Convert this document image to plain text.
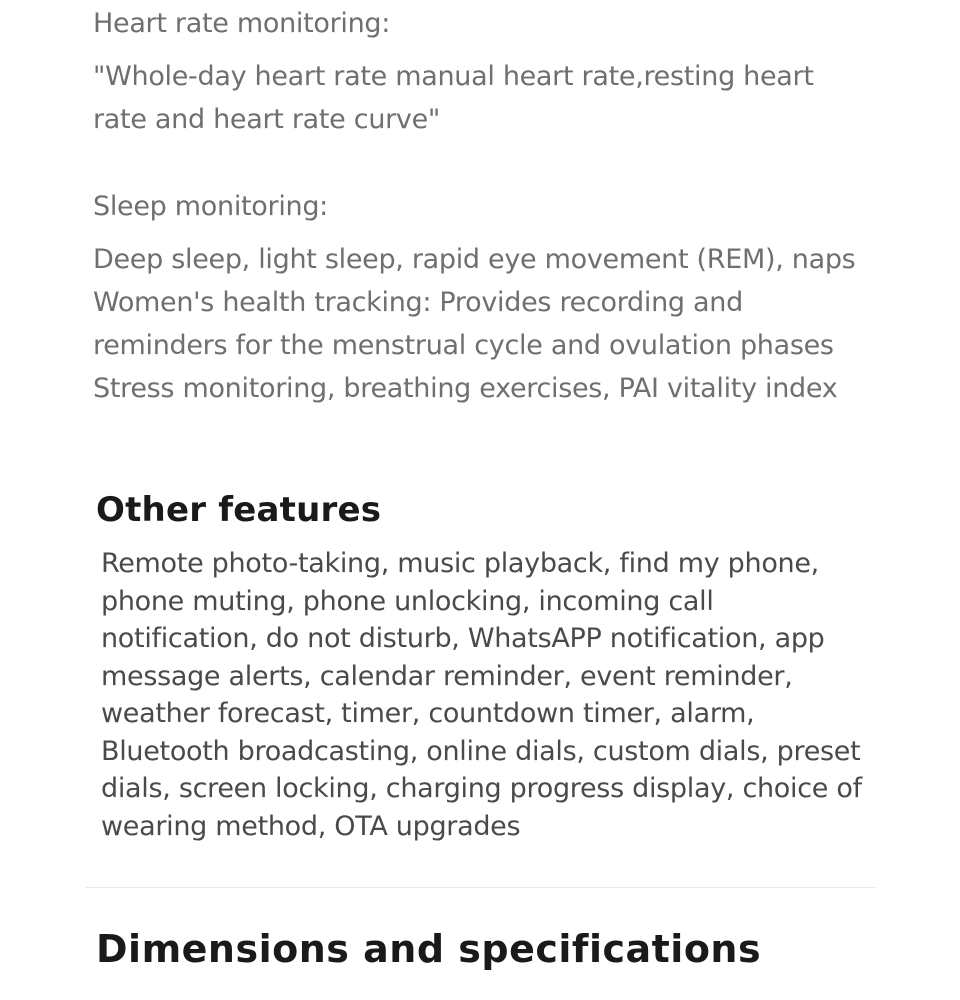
Heart rate monitoring:

"Whole-day heart rate manual heart rate,resting heart
rate and heart rate curve"

Sleep monitoring:

Deep sleep, light sleep, rapid eye movement (REM), naps
Women's health tracking: Provides recording and
reminders for the menstrual cycle and ovulation phases
Stress monitoring, breathing exercises, PAI vitality index

Other features

Remote photo-taking, music playback, find my phone,
phone muting, phone unlocking, incoming call
notification, do not disturb, WhatsAPP notification, app
message alerts, calendar reminder, event reminder,
weather forecast, timer, countdown timer, alarm,
Bluetooth broadcasting, online dials, custom dials, preset
dials, screen locking, charging progress display, choice of
wearing method, OTA upgrades

Dimensions and specifications
